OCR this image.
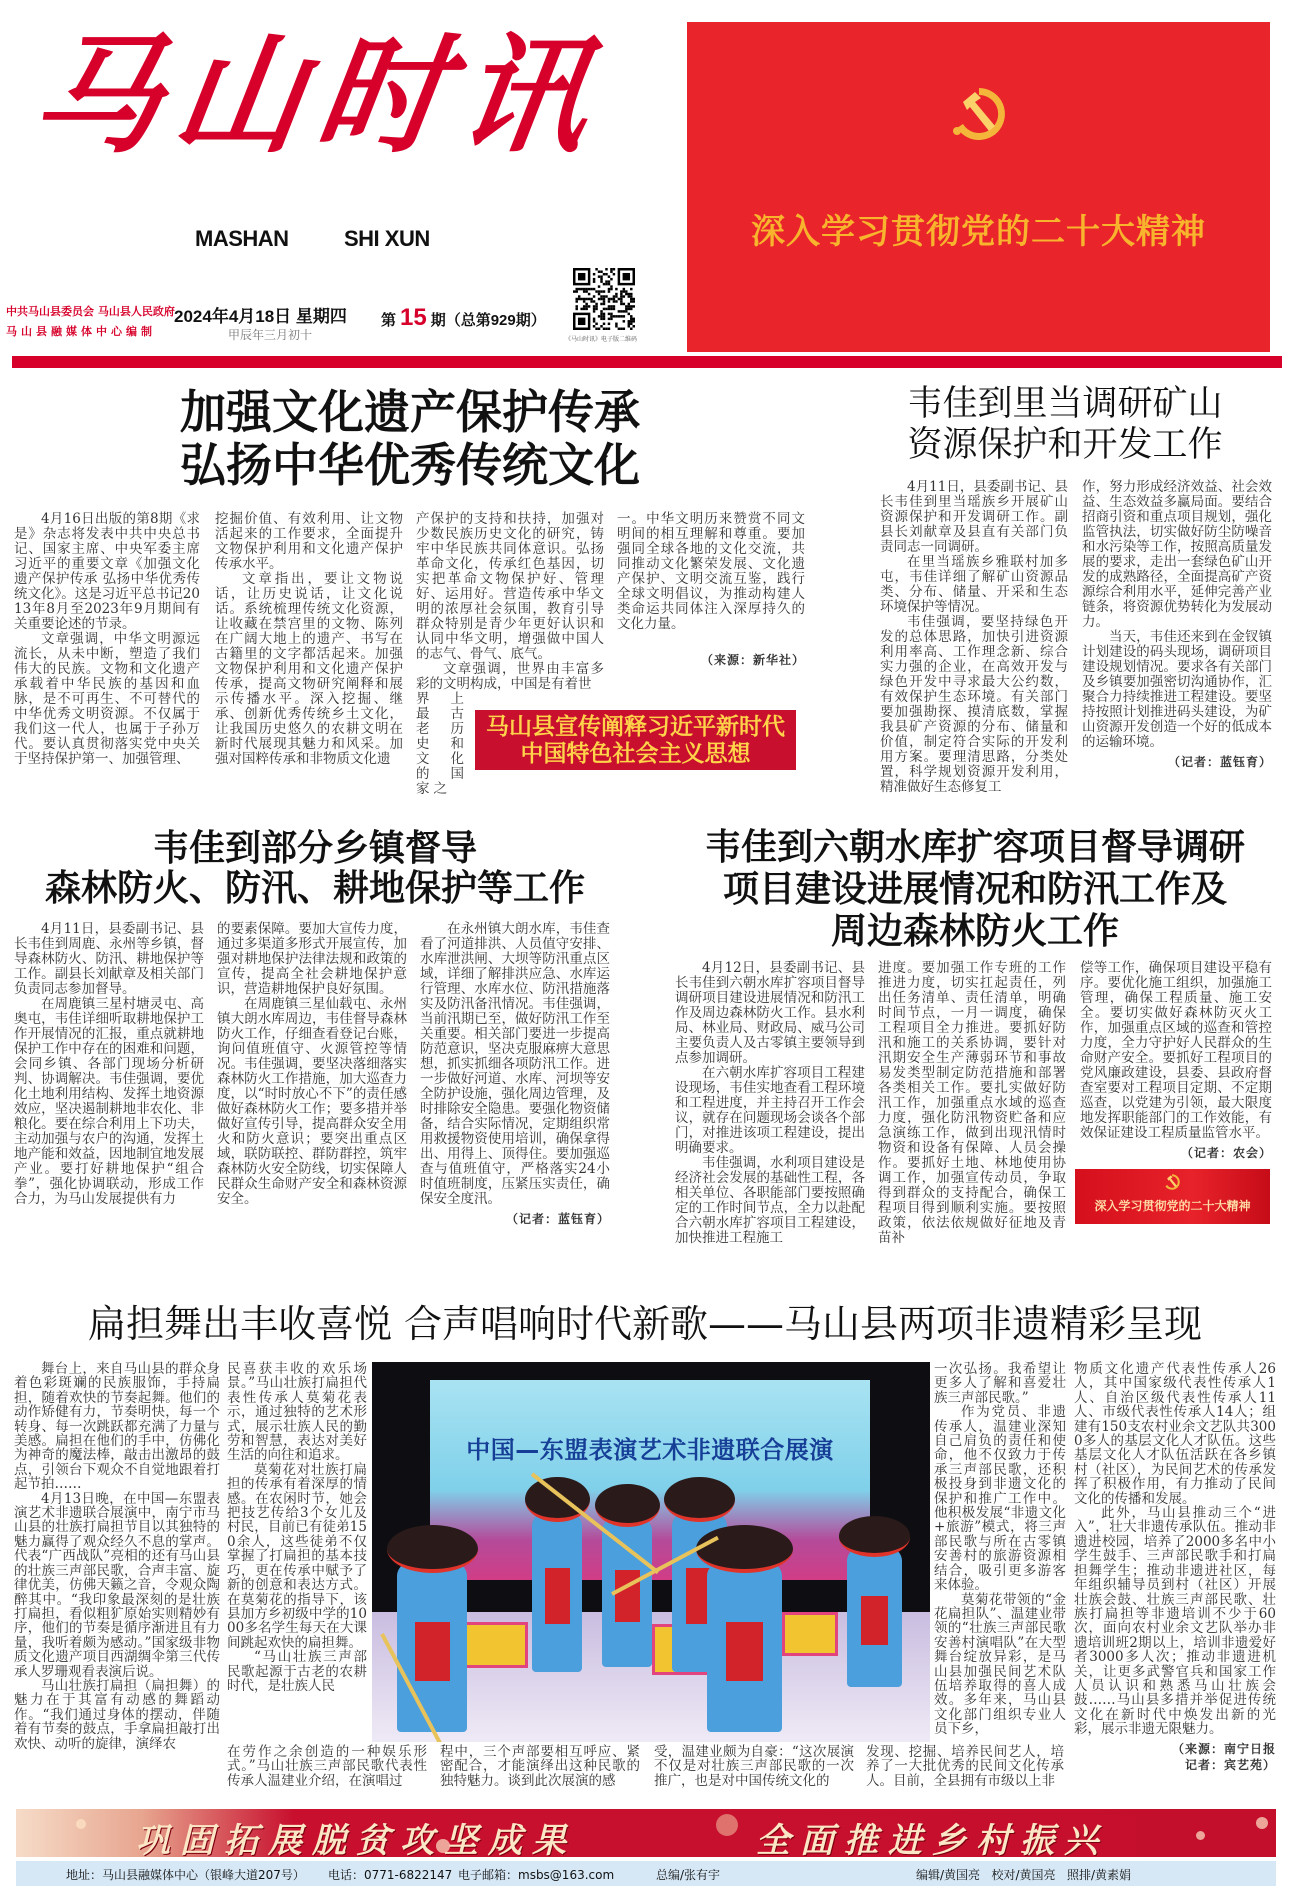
马山时讯
MASHAN	SHI XUN	深入学习贯彻党的二十大精神
中共马山县委员会 马山县人民政府
马山县融媒体中心编制
2024年4月18日 星期四
甲辰年三月初十
第 15 期（总第929期）
《马山时讯》电子版二维码
加强文化遗产保护传承
弘扬中华优秀传统文化

4月16日出版的第8期《求是》杂志将发表中共中央总书记、国家主席、中央军委主席习近平的重要文章《加强文化遗产保护传承 弘扬中华优秀传统文化》。这是习近平总书记2013年8月至2023年9月期间有关重要论述的节录。

文章强调，中华文明源远流长，从未中断，塑造了我们伟大的民族。文物和文化遗产承载着中华民族的基因和血脉，是不可再生、不可替代的中华优秀文明资源。不仅属于我们这一代人，也属于子孙万代。要认真贯彻落实党中央关于坚持保护第一、加强管理、

挖掘价值、有效利用、让文物活起来的工作要求，全面提升文物保护利用和文化遗产保护传承水平。

文章指出，要让文物说话，让历史说话，让文化说话。系统梳理传统文化资源，让收藏在禁宫里的文物、陈列在广阔大地上的遗产、书写在古籍里的文字都活起来。加强文物保护利用和文化遗产保护传承，提高文物研究阐释和展示传播水平。深入挖掘、继承、创新优秀传统乡土文化，让我国历史悠久的农耕文明在新时代展现其魅力和风采。加强对国粹传承和非物质文化遗

产保护的支持和扶持，加强对少数民族历史文化的研究，铸牢中华民族共同体意识。弘扬革命文化，传承红色基因，切实把革命文物保护好、管理好、运用好。营造传承中华文明的浓厚社会氛围，教育引导群众特别是青少年更好认识和认同中华文明，增强做中国人的志气、骨气、底气。

文章强调，世界由丰富多彩的文明构成，中国是有着世

界上最古老历史和文化的国家之

一。中华文明历来赞赏不同文明间的相互理解和尊重。要加强同全球各地的文化交流，共同推动文化繁荣发展、文化遗产保护、文明交流互鉴，践行全球文明倡议，为推动构建人类命运共同体注入深厚持久的文化力量。

（来源：新华社）
马山县宣传阐释习近平新时代
中国特色社会主义思想
韦佳到里当调研矿山
资源保护和开发工作

4月11日，县委副书记、县长韦佳到里当瑶族乡开展矿山资源保护和开发调研工作。副县长刘献章及县直有关部门负责同志一同调研。

在里当瑶族乡雅联村加多屯，韦佳详细了解矿山资源品类、分布、储量、开采和生态环境保护等情况。

韦佳强调，要坚持绿色开发的总体思路，加快引进资源利用率高、工作理念新、综合实力强的企业，在高效开发与绿色开发中寻求最大公约数，有效保护生态环境。有关部门要加强勘探、摸清底数，掌握我县矿产资源的分布、储量和价值，制定符合实际的开发利用方案。要理清思路，分类处置，科学规划资源开发利用，精准做好生态修复工

作，努力形成经济效益、社会效益、生态效益多赢局面。要结合招商引资和重点项目规划，强化监管执法，切实做好防尘防噪音和水污染等工作，按照高质量发展的要求，走出一套绿色矿山开发的成熟路径，全面提高矿产资源综合利用水平，延伸完善产业链条，将资源优势转化为发展动力。

当天，韦佳还来到在金钗镇计划建设的码头现场，调研项目建设规划情况。要求各有关部门及乡镇要加强密切沟通协作，汇聚合力持续推进工程建设。要坚持按照计划推进码头建设，为矿山资源开发创造一个好的低成本的运输环境。

（记者：蓝钰育）
韦佳到部分乡镇督导
森林防火、防汛、耕地保护等工作

4月11日，县委副书记、县长韦佳到周鹿、永州等乡镇，督导森林防火、防汛、耕地保护等工作。副县长刘献章及相关部门负责同志参加督导。

在周鹿镇三星村塘灵屯、高奥屯，韦佳详细听取耕地保护工作开展情况的汇报，重点就耕地保护工作中存在的困难和问题，会同乡镇、各部门现场分析研判、协调解决。韦佳强调，要优化土地利用结构、发挥土地资源效应，坚决遏制耕地非农化、非粮化。要在综合利用上下功夫，主动加强与农户的沟通，发挥土地产能和效益，因地制宜地发展产业。要打好耕地保护“组合拳”，强化协调联动，形成工作合力，为马山发展提供有力

的要素保障。要加大宣传力度，通过多渠道多形式开展宣传，加强对耕地保护法律法规和政策的宣传，提高全社会耕地保护意识，营造耕地保护良好氛围。

在周鹿镇三星仙载屯、永州镇大朗水库周边，韦佳督导森林防火工作，仔细查看登记台账，询问值班值守、火源管控等情况。韦佳强调，要坚决落细落实森林防火工作措施，加大巡查力度，以“时时放心不下”的责任感做好森林防火工作；要多措并举做好宣传引导，提高群众安全用火和防火意识；要突出重点区域，联防联控、群防群控，筑牢森林防火安全防线，切实保障人民群众生命财产安全和森林资源安全。

在永州镇大朗水库，韦佳查看了河道排洪、人员值守安排、水库泄洪闸、大坝等防汛重点区域，详细了解排洪应急、水库运行管理、水库水位、防汛措施落实及防汛备汛情况。韦佳强调，当前汛期已至，做好防汛工作至关重要。相关部门要进一步提高防范意识，坚决克服麻痹大意思想，抓实抓细各项防汛工作。进一步做好河道、水库、河坝等安全防护设施，强化周边管理，及时排除安全隐患。要强化物资储备，结合实际情况，定期组织常用救援物资使用培训，确保拿得出、用得上、顶得住。要加强巡查与值班值守，严格落实24小时值班制度，压紧压实责任，确保安全度汛。

（记者：蓝钰育）
韦佳到六朝水库扩容项目督导调研
项目建设进展情况和防汛工作及
周边森林防火工作

4月12日，县委副书记、县长韦佳到六朝水库扩容项目督导调研项目建设进展情况和防汛工作及周边森林防火工作。县水利局、林业局、财政局、威马公司主要负责人及古零镇主要领导到点参加调研。

在六朝水库扩容项目工程建设现场，韦佳实地查看工程环境和工程进度，并主持召开工作会议，就存在问题现场会谈各个部门，对推进该项工程建设，提出明确要求。

韦佳强调，水利项目建设是经济社会发展的基础性工程，各相关单位、各职能部门要按照确定的工作时间节点，全力以赴配合六朝水库扩容项目工程建设，加快推进工程施工

进度。要加强工作专班的工作推进力度，切实扛起责任，列出任务清单、责任清单，明确时间节点，一月一调度，确保工程项目全力推进。要抓好防汛和施工的关系协调，要针对汛期安全生产薄弱环节和事故易发类型制定防范措施和部署各类相关工作。要扎实做好防汛工作，加强重点水域的巡查力度，强化防汛物资贮备和应急演练工作，做到出现汛情时物资和设备有保障、人员会操作。要抓好土地、林地使用协调工作，加强宣传动员，争取得到群众的支持配合，确保工程项目得到顺利实施。要按照政策，依法依规做好征地及青苗补

偿等工作，确保项目建设平稳有序。要优化施工组织，加强施工管理，确保工程质量、施工安全。要切实做好森林防灭火工作，加强重点区域的巡查和管控力度，全力守护好人民群众的生命财产安全。要抓好工程项目的党风廉政建设，县委、县政府督查室要对工程项目定期、不定期巡查，以党建为引领，最大限度地发挥职能部门的工作效能，有效保证建设工程质量监管水平。

（记者：农会）
深入学习贯彻党的二十大精神
扁担舞出丰收喜悦 合声唱响时代新歌——马山县两项非遗精彩呈现

舞台上，来自马山县的群众身着色彩斑斓的民族服饰，手持扁担，随着欢快的节奏起舞。他们的动作矫健有力，节奏明快，每一个转身、每一次跳跃都充满了力量与美感。扁担在他们的手中，仿佛化为神奇的魔法棒，敲击出激昂的鼓点，引领台下观众不自觉地跟着打起节拍……

4月13日晚，在中国—东盟表演艺术非遗联合展演中，南宁市马山县的壮族打扁担节目以其独特的魅力赢得了观众经久不息的掌声。代表“广西战队”亮相的还有马山县的壮族三声部民歌，合声丰富、旋律优美，仿佛天籁之音，令观众陶醉其中。“我印象最深刻的是壮族打扁担，看似粗犷原始实则精妙有序，他们的节奏是循序渐进且有力量，我听着颇为感动。”国家级非物质文化遗产项目西湖绸伞第三代传承人罗珊观看表演后说。

马山壮族打扁担（扁担舞）的魅力在于其富有动感的舞蹈动作。“我们通过身体的摆动，伴随着有节奏的鼓点，手拿扁担敲打出欢快、动听的旋律，演绎农

民喜获丰收的欢乐场景。”马山壮族打扁担代表性传承人莫菊花表示，通过独特的艺术形式，展示壮族人民的勤劳和智慧，表达对美好生活的向往和追求。

莫菊花对壮族打扁担的传承有着深厚的情感。在农闲时节，她会把技艺传给3个女儿及村民，目前已有徒弟150余人，这些徒弟不仅掌握了打扁担的基本技巧，更在传承中赋予了新的创意和表达方式。在莫菊花的指导下，该县加方乡初级中学的1000多名学生每天在大课间跳起欢快的扁担舞。

“马山壮族三声部民歌起源于古老的农耕时代，是壮族人民

中国—东盟表演艺术非遗联合展演

一次弘扬。我希望让更多人了解和喜爱壮族三声部民歌。”

作为党员、非遗传承人，温建业深知自己肩负的责任和使命，他不仅致力于传承三声部民歌，还积极投身到非遗文化的保护和推广工作中。他积极发展“非遗文化+旅游”模式，将三声部民歌与所在古零镇安善村的旅游资源相结合，吸引更多游客来体验。

莫菊花带领的“金花扁担队”、温建业带领的“壮族三声部民歌安善村演唱队”在大型舞台绽放异彩，是马山县加强民间艺术队伍培养取得的喜人成效。多年来，马山县文化部门组织专业人员下乡，

物质文化遗产代表性传承人26人，其中国家级代表性传承人1人、自治区级代表性传承人11人、市级代表性传承人14人；组建有150支农村业余文艺队共3000多人的基层文化人才队伍。这些基层文化人才队伍活跃在各乡镇村（社区），为民间艺术的传承发挥了积极作用，有力推动了民间文化的传播和发展。

此外，马山县推动三个“进入”，壮大非遗传承队伍。推动非遗进校园，培养了2000多名中小学生鼓手、三声部民歌手和打扁担舞学生；推动非遗进社区，每年组织辅导员到村（社区）开展壮族会鼓、壮族三声部民歌、壮族打扁担等非遗培训不少于60次，面向农村业余文艺队举办非遗培训班2期以上，培训非遗爱好者3000多人次；推动非遗进机关，让更多武警官兵和国家工作人员认识和熟悉马山壮族会鼓……马山县多措并举促进传统文化在新时代中焕发出新的光彩，展示非遗无限魅力。

（来源：南宁日报
记者：宾艺苑）

在劳作之余创造的一种娱乐形式。”马山壮族三声部民歌代表性传承人温建业介绍，在演唱过

程中，三个声部要相互呼应、紧密配合，才能演绎出这种民歌的独特魅力。谈到此次展演的感

受，温建业颇为自豪：“这次展演不仅是对壮族三声部民歌的一次推广，也是对中国传统文化的

发现、挖掘、培养民间艺人，培养了一大批优秀的民间文化传承人。目前，全县拥有市级以上非

巩固拓展脱贫攻坚成果	全面推进乡村振兴
地址：马山县融媒体中心（银峰大道207号） 电话：0771-6822147 电子邮箱：msbs@163.com	总编/张有宇	编辑/黄国亮   校对/黄国亮   照排/黄素娟
